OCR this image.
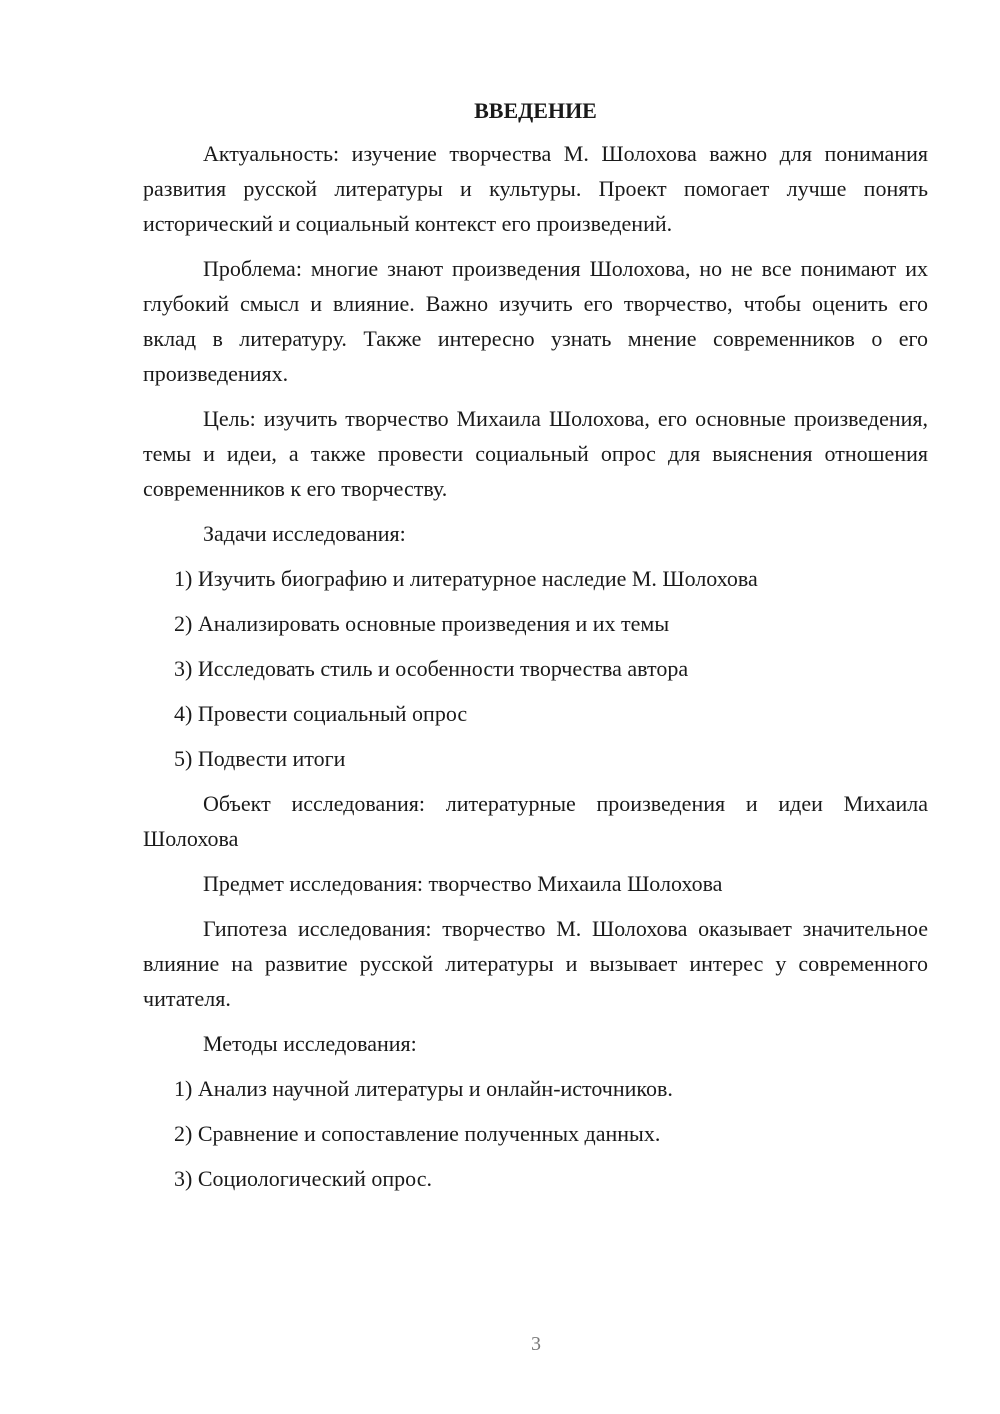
ВВЕДЕНИЕ

Актуальность: изучение творчества М. Шолохова важно для понимания развития русской литературы и культуры. Проект помогает лучше понять исторический и социальный контекст его произведений.

Проблема: многие знают произведения Шолохова, но не все понимают их глубокий смысл и влияние. Важно изучить его творчество, чтобы оценить его вклад в литературу. Также интересно узнать мнение современников о его произведениях.

Цель: изучить творчество Михаила Шолохова, его основные произведения, темы и идеи, а также провести социальный опрос для выяснения отношения современников к его творчеству.

Задачи исследования:

1) Изучить биографию и литературное наследие М. Шолохова
2) Анализировать основные произведения и их темы
3) Исследовать стиль и особенности творчества автора
4) Провести социальный опрос
5) Подвести итоги

Объект исследования: литературные произведения и идеи Михаила Шолохова

Предмет исследования: творчество Михаила Шолохова

Гипотеза исследования: творчество М. Шолохова оказывает значительное влияние на развитие русской литературы и вызывает интерес у современного читателя.

Методы исследования:

1) Анализ научной литературы и онлайн-источников.
2) Сравнение и сопоставление полученных данных.
3) Социологический опрос.
3
